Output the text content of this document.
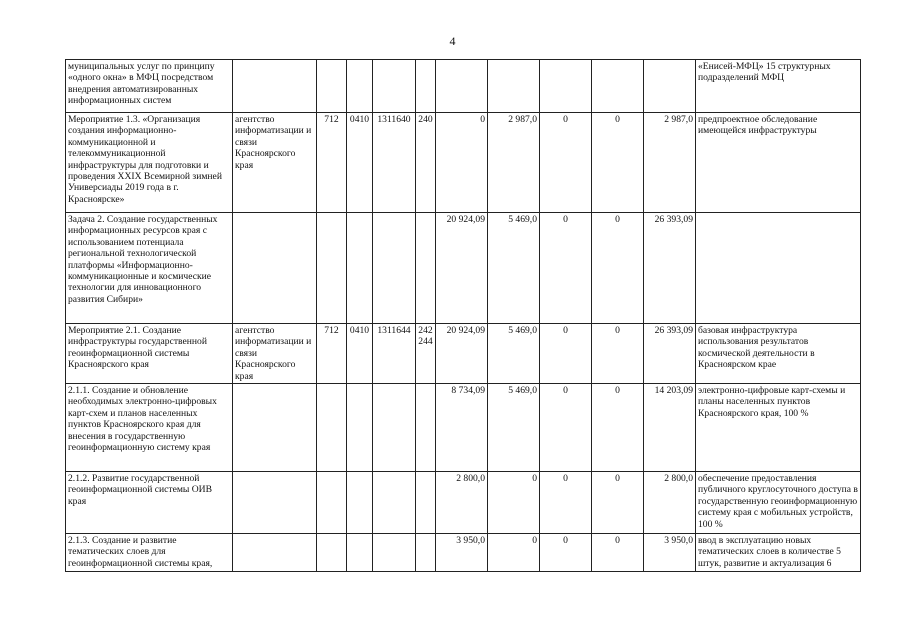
4
муниципальных услуг по принципу «одного окна» в МФЦ посредством внедрения автоматизированных информационных систем											«Енисей-МФЦ» 15 структурных подразделений МФЦ
Мероприятие 1.3. «Организация создания информационно-коммуникационной и телекоммуникационной инфраструктуры для подготовки и проведения XXIX Всемирной зимней Универсиады 2019 года в г. Красноярске»	агентство информатизации и связи Красноярского края	712	0410	1311640	240	0	2 987,0	0	0	2 987,0	предпроектное обследование имеющейся инфраструктуры
Задача 2. Создание государственных информационных ресурсов края с использованием потенциала региональной технологической платформы «Информационно-коммуникационные и космические технологии для инновационного развития Сибири»						20 924,09	5 469,0	0	0	26 393,09	
Мероприятие 2.1. Создание инфраструктуры государственной геоинформационной системы Красноярского края	агентство информатизации и связи Красноярского края	712	0410	1311644	242 244	20 924,09	5 469,0	0	0	26 393,09	базовая инфраструктура использования результатов космической деятельности в Красноярском крае
2.1.1. Создание и обновление необходимых электронно-цифровых карт-схем и планов населенных пунктов Красноярского края для внесения в государственную геоинформационную систему края						8 734,09	5 469,0	0	0	14 203,09	электронно-цифровые карт-схемы и планы населенных пунктов Красноярского края, 100 %
2.1.2. Развитие государственной геоинформационной системы ОИВ края						2 800,0	0	0	0	2 800,0	обеспечение предоставления публичного круглосуточного доступа в государственную геоинформационную систему края с мобильных устройств, 100 %
2.1.3. Создание и развитие тематических слоев для геоинформационной системы края,						3 950,0	0	0	0	3 950,0	ввод в эксплуатацию новых тематических слоев в количестве 5 штук, развитие и актуализация 6
